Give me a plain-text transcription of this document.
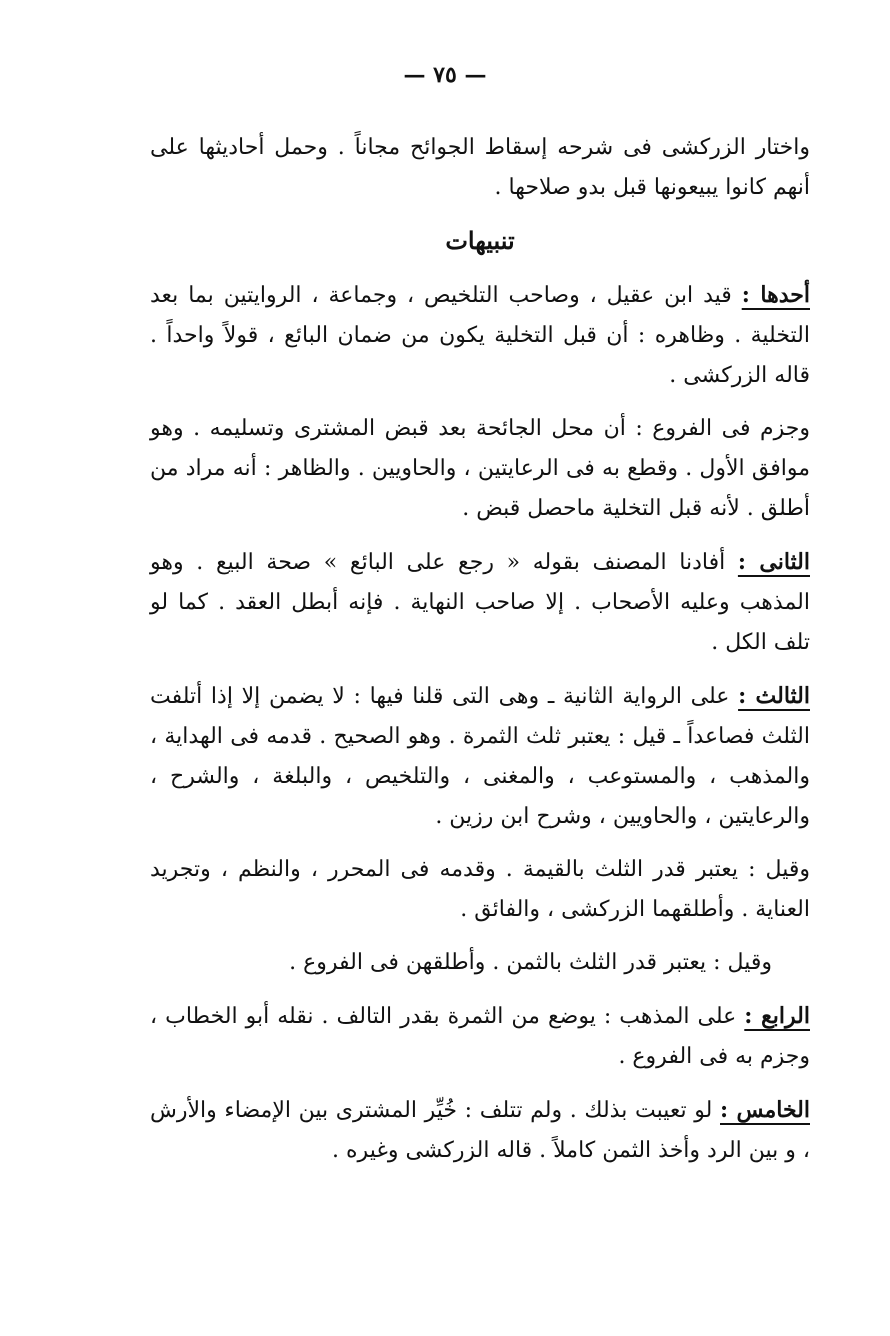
— ٧٥ —

واختار الزركشى فى شرحه إسقاط الجوائح مجاناً . وحمل أحاديثها على أنهم كانوا يبيعونها قبل بدو صلاحها .

تنبيهات

أحدها : قيد ابن عقيل ، وصاحب التلخيص ، وجماعة ، الروايتين بما بعد التخلية . وظاهره : أن قبل التخلية يكون من ضمان البائع ، قولاً واحداً . قاله الزركشى .

وجزم فى الفروع : أن محل الجائحة بعد قبض المشترى وتسليمه . وهو موافق الأول . وقطع به فى الرعايتين ، والحاويين . والظاهر : أنه مراد من أطلق . لأنه قبل التخلية ماحصل قبض .

الثانى : أفادنا المصنف بقوله « رجع على البائع » صحة البيع . وهو المذهب وعليه الأصحاب . إلا صاحب النهاية . فإنه أبطل العقد . كما لو تلف الكل .

الثالث : على الرواية الثانية ـ وهى التى قلنا فيها : لا يضمن إلا إذا أتلفت الثلث فصاعداً ـ قيل : يعتبر ثلث الثمرة . وهو الصحيح . قدمه فى الهداية ، والمذهب ، والمستوعب ، والمغنى ، والتلخيص ، والبلغة ، والشرح ، والرعايتين ، والحاويين ، وشرح ابن رزين .

وقيل : يعتبر قدر الثلث بالقيمة . وقدمه فى المحرر ، والنظم ، وتجريد العناية . وأطلقهما الزركشى ، والفائق .

وقيل : يعتبر قدر الثلث بالثمن . وأطلقهن فى الفروع .

الرابع : على المذهب : يوضع من الثمرة بقدر التالف . نقله أبو الخطاب ، وجزم به فى الفروع .

الخامس : لو تعيبت بذلك . ولم تتلف : خُيِّر المشترى بين الإمضاء والأرش ، و بين الرد وأخذ الثمن كاملاً . قاله الزركشى وغيره .
